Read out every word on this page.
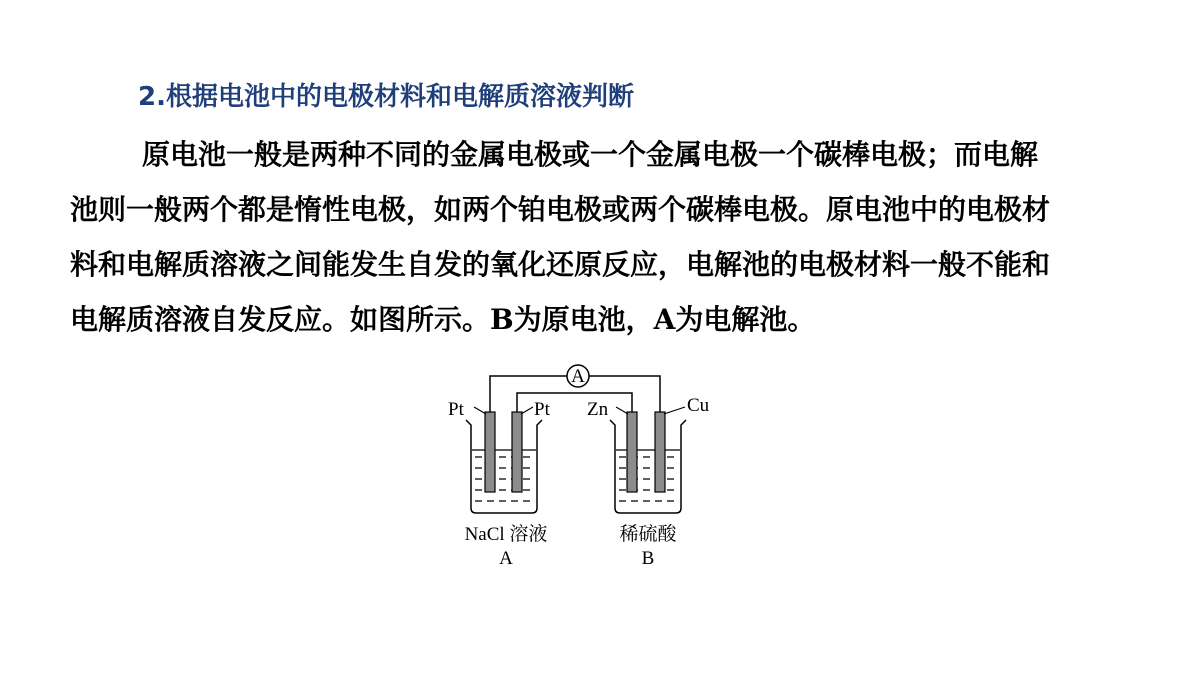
2.根据电池中的电极材料和电解质溶液判断
原电池一般是两种不同的金属电极或一个金属电极一个碳棒电极；而电解
池则一般两个都是惰性电极，如两个铂电极或两个碳棒电极。原电池中的电极材
料和电解质溶液之间能发生自发的氧化还原反应，电解池的电极材料一般不能和
电解质溶液自发反应。如图所示。B为原电池，A为电解池。
A
Pt	Pt Zn	Cu
NaCl 溶液
A
稀硫酸
B
